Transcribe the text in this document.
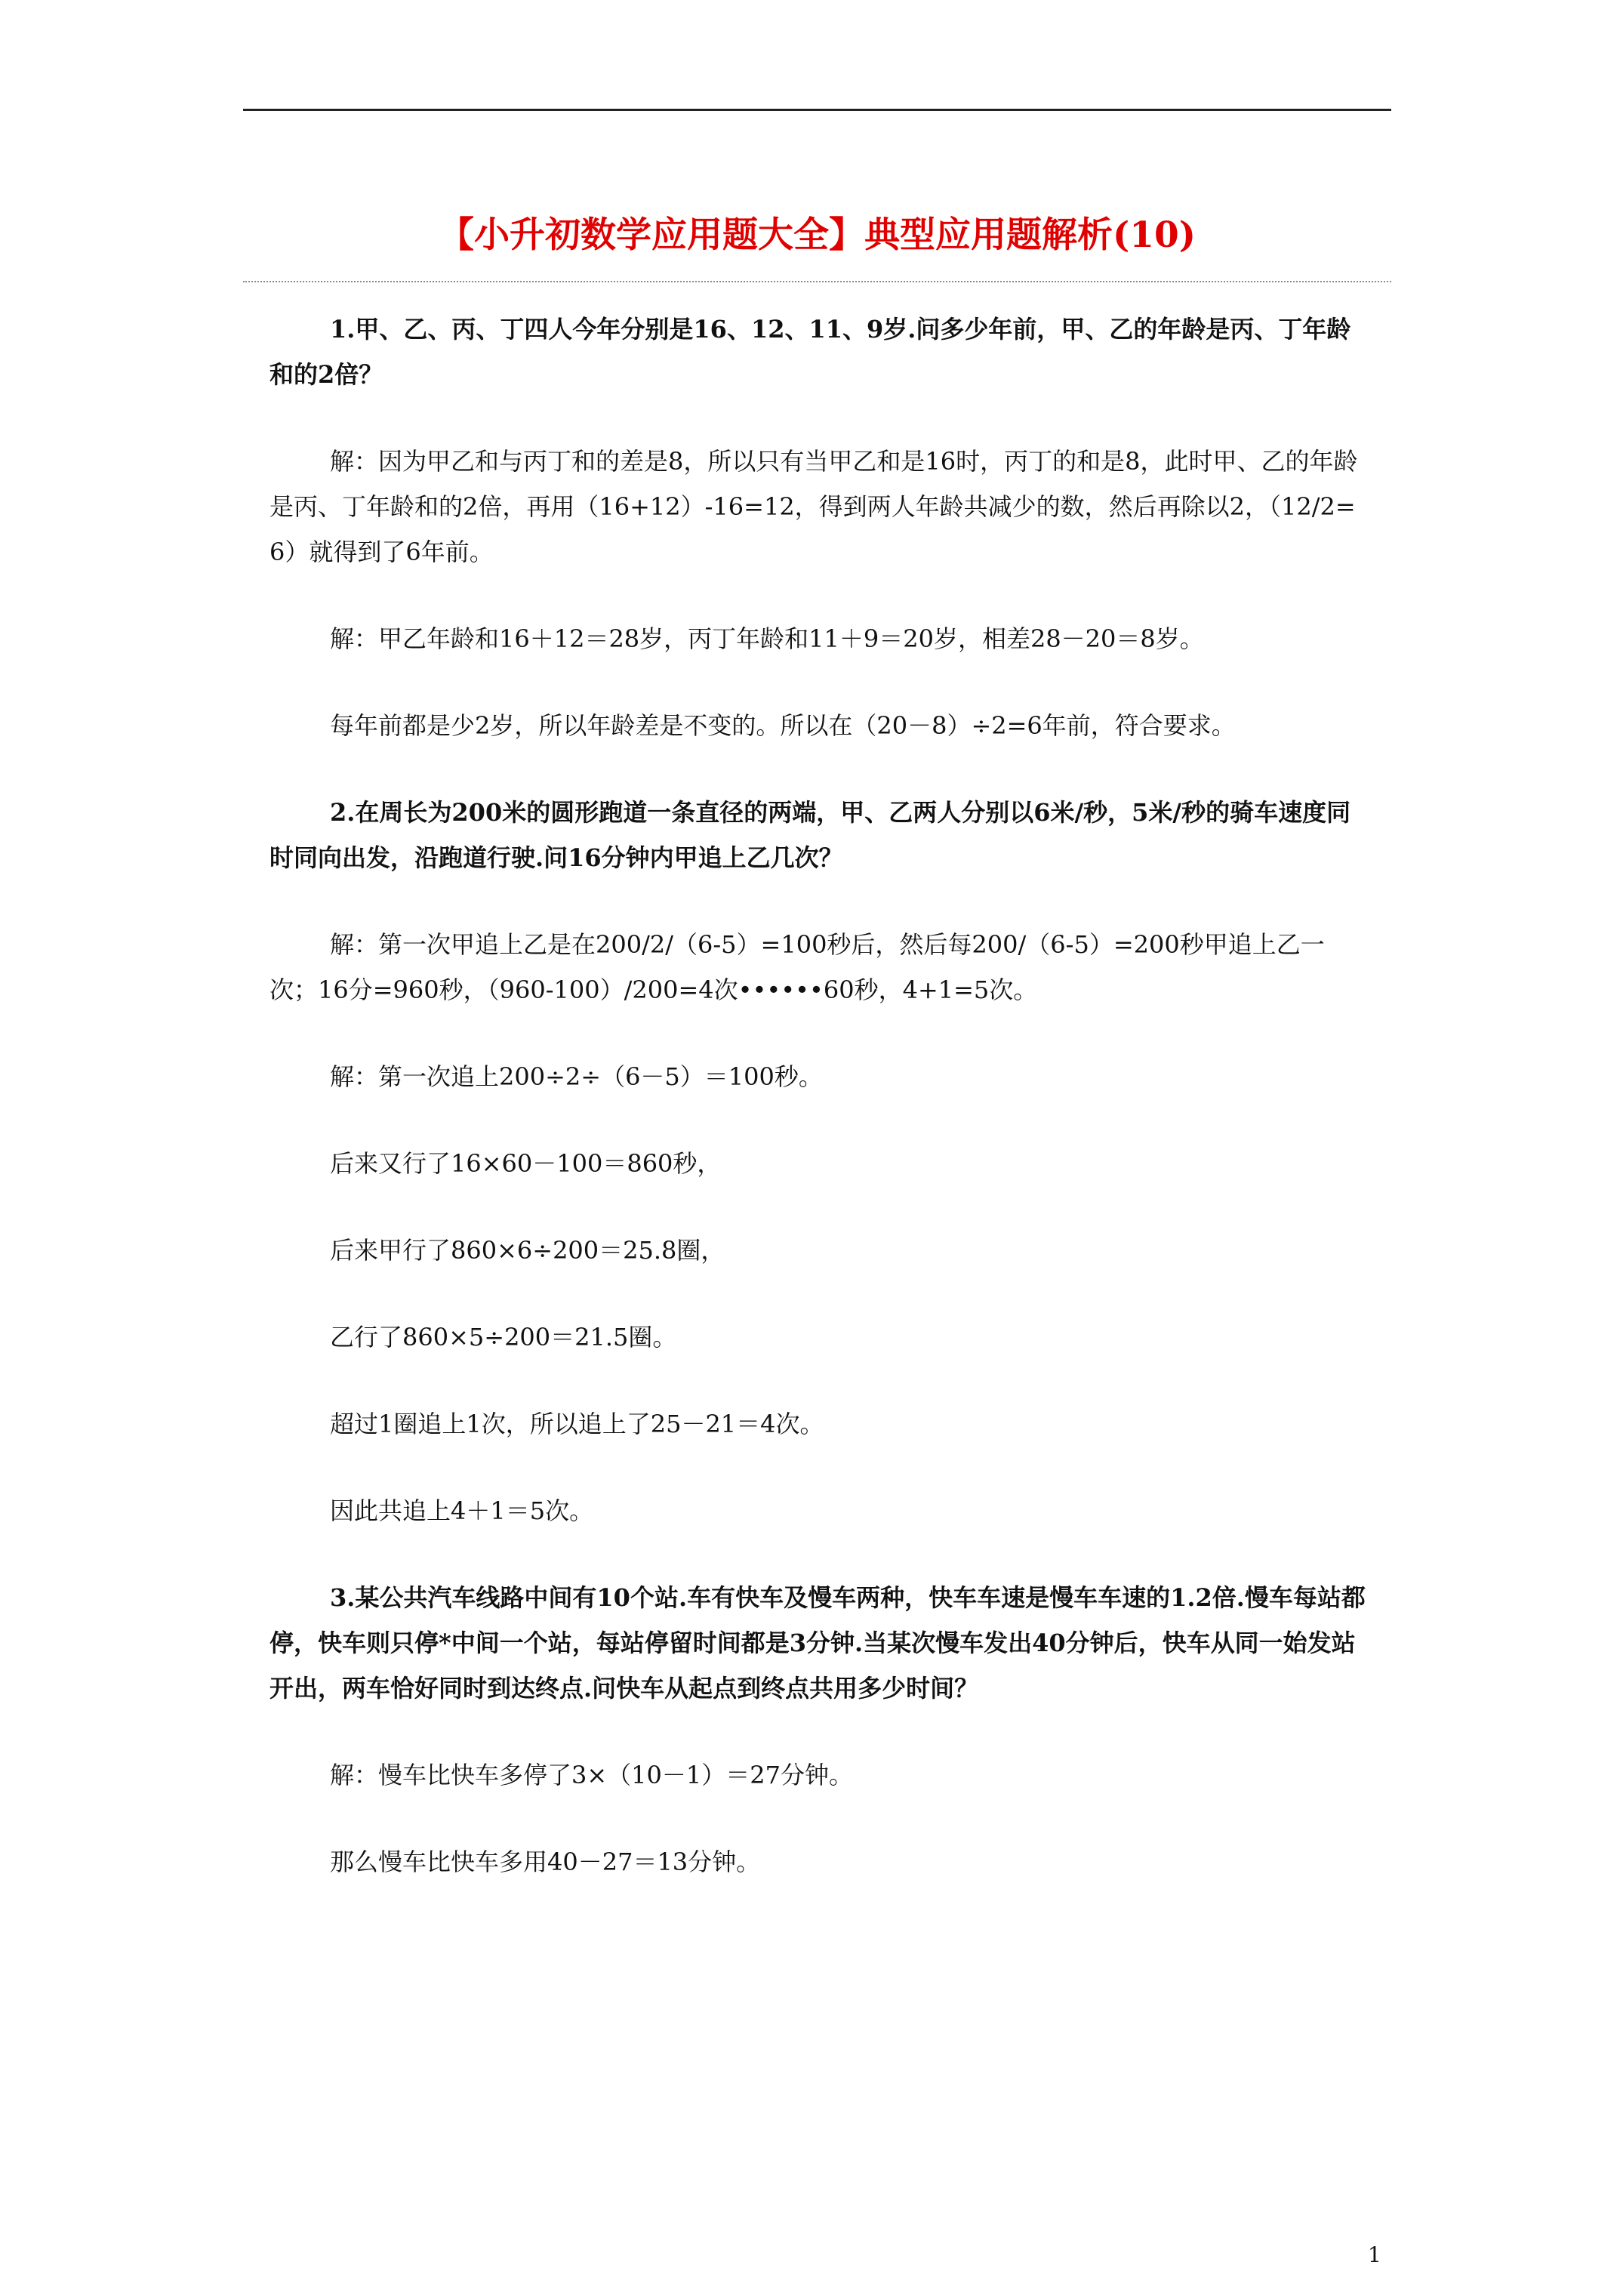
【小升初数学应用题大全】典型应用题解析(10)

1.甲、乙、丙、丁四人今年分别是16、12、11、9岁.问多少年前，甲、乙的年龄是丙、丁年龄和的2倍？

解：因为甲乙和与丙丁和的差是8，所以只有当甲乙和是16时，丙丁的和是8，此时甲、乙的年龄是丙、丁年龄和的2倍，再用（16+12）-16=12，得到两人年龄共减少的数，然后再除以2，（12/2=6）就得到了6年前。

解：甲乙年龄和16＋12＝28岁，丙丁年龄和11＋9＝20岁，相差28－20＝8岁。

每年前都是少2岁，所以年龄差是不变的。所以在（20－8）÷2=6年前，符合要求。

2.在周长为200米的圆形跑道一条直径的两端，甲、乙两人分别以6米/秒，5米/秒的骑车速度同时同向出发，沿跑道行驶.问16分钟内甲追上乙几次？

解：第一次甲追上乙是在200/2/（6-5）=100秒后，然后每200/（6-5）=200秒甲追上乙一次；16分=960秒，（960-100）/200=4次••••••60秒，4+1=5次。

解：第一次追上200÷2÷（6－5）＝100秒。

后来又行了16×60－100＝860秒，

后来甲行了860×6÷200＝25.8圈，

乙行了860×5÷200＝21.5圈。

超过1圈追上1次，所以追上了25－21＝4次。

因此共追上4＋1＝5次。

3.某公共汽车线路中间有10个站.车有快车及慢车两种，快车车速是慢车车速的1.2倍.慢车每站都停，快车则只停*中间一个站，每站停留时间都是3分钟.当某次慢车发出40分钟后，快车从同一始发站开出，两车恰好同时到达终点.问快车从起点到终点共用多少时间？

解：慢车比快车多停了3×（10－1）＝27分钟。

那么慢车比快车多用40－27＝13分钟。

1
